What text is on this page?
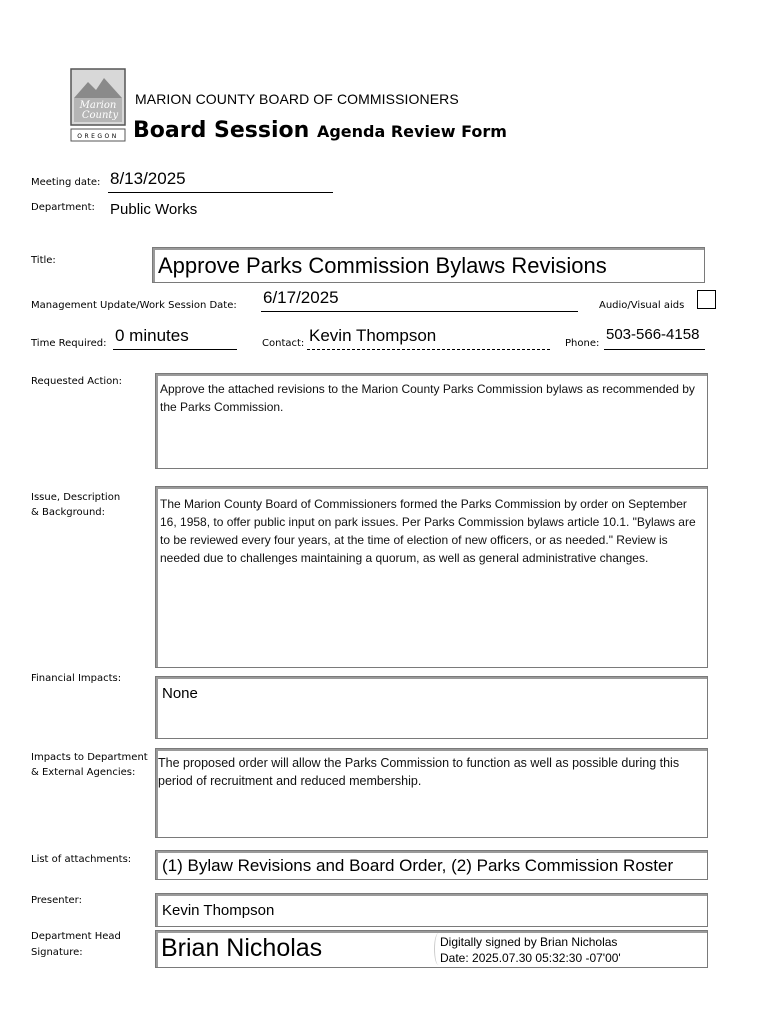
Marion
County
OREGON
MARION COUNTY BOARD OF COMMISSIONERS
Board Session Agenda Review Form
Meeting date: 8/13/2025
Department: Public Works
Title:	Approve Parks Commission Bylaws Revisions
Management Update/Work Session Date: 6/17/2025	Audio/Visual aids
Time Required: 0 minutes	Contact: Kevin Thompson	Phone:
503-566-4158
Requested Action:
Approve the attached revisions to the Marion County Parks Commission bylaws as recommended by the Parks Commission.
Issue, Description
& Background:
The Marion County Board of Commissioners formed the Parks Commission by order on September 16, 1958, to offer public input on park issues. Per Parks Commission bylaws article 10.1. "Bylaws are to be reviewed every four years, at the time of election of new officers, or as needed." Review is needed due to challenges maintaining a quorum, as well as general administrative changes.
Financial Impacts:
None
Impacts to Department
& External Agencies:
The proposed order will allow the Parks Commission to function as well as possible during this period of recruitment and reduced membership.
List of attachments:	(1) Bylaw Revisions and Board Order, (2) Parks Commission Roster
Presenter:
Kevin Thompson
Department Head
Signature:	Brian Nicholas	Digitally signed by Brian Nicholas
Date: 2025.07.30 05:32:30 -07'00'
